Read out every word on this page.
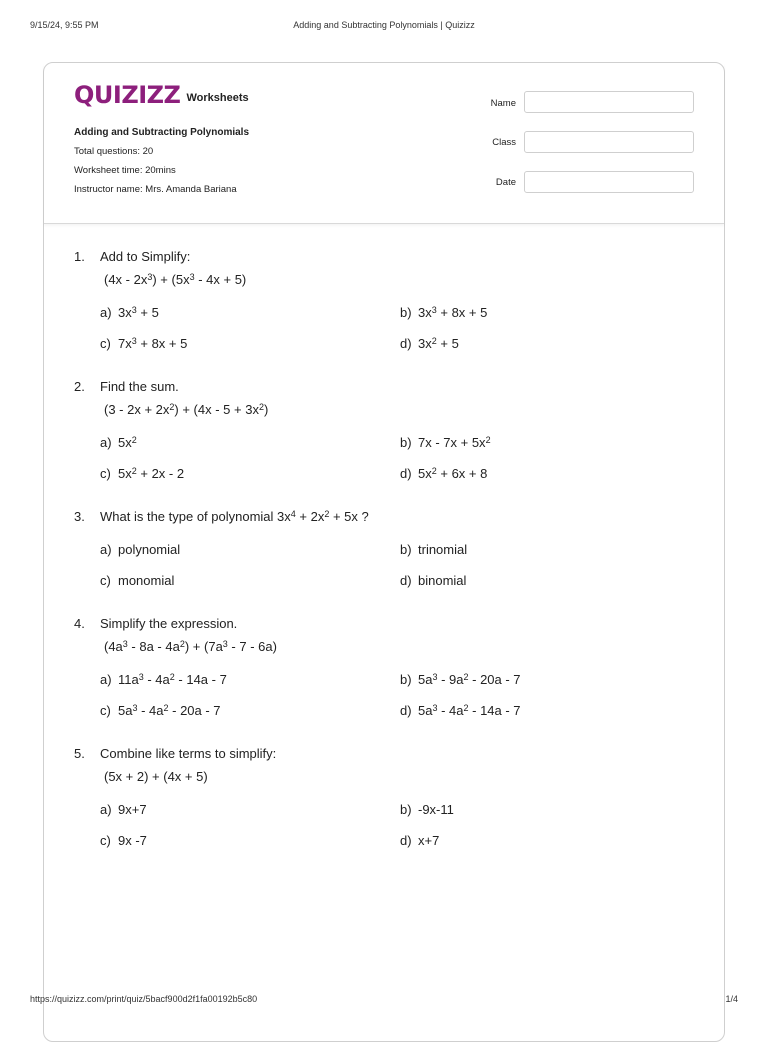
9/15/24, 9:55 PM	Adding and Subtracting Polynomials | Quizizz
QUIZIZZ Worksheets
Adding and Subtracting Polynomials
Total questions: 20
Worksheet time: 20mins
Instructor name: Mrs. Amanda Bariana
Name
Class
Date
1.	Add to Simplify:
$(4x - 2x^3) + (5x^3 - 4x + 5)$
a) $3x^3 + 5$	b) $3x^3 + 8x + 5$
c) $7x^3 + 8x + 5$	d) $3x^2 + 5$
2.	Find the sum.
$(3 - 2x + 2x^2) + (4x - 5 + 3x^2)$
a) $5x^2$	b) $7x - 7x + 5x^2$
c) $5x^2 + 2x - 2$	d) $5x^2 + 6x + 8$
3.	What is the type of polynomial $3x^4 + 2x^2 + 5x$ ?
a) polynomial	b) trinomial
c) monomial	d) binomial
4.	Simplify the expression.
$(4a^3 - 8a - 4a^2) + (7a^3 - 7 - 6a)$
a) $11a^3 - 4a^2 - 14a - 7$	b) $5a^3 - 9a^2 - 20a - 7$
c) $5a^3 - 4a^2 - 20a - 7$	d) $5a^3 - 4a^2 - 14a - 7$
5.	Combine like terms to simplify:
(5x + 2) + (4x + 5)
a) 9x+7	b) -9x-11
c) 9x -7	d) x+7
https://quizizz.com/print/quiz/5bacf900d2f1fa00192b5c80	1/4
